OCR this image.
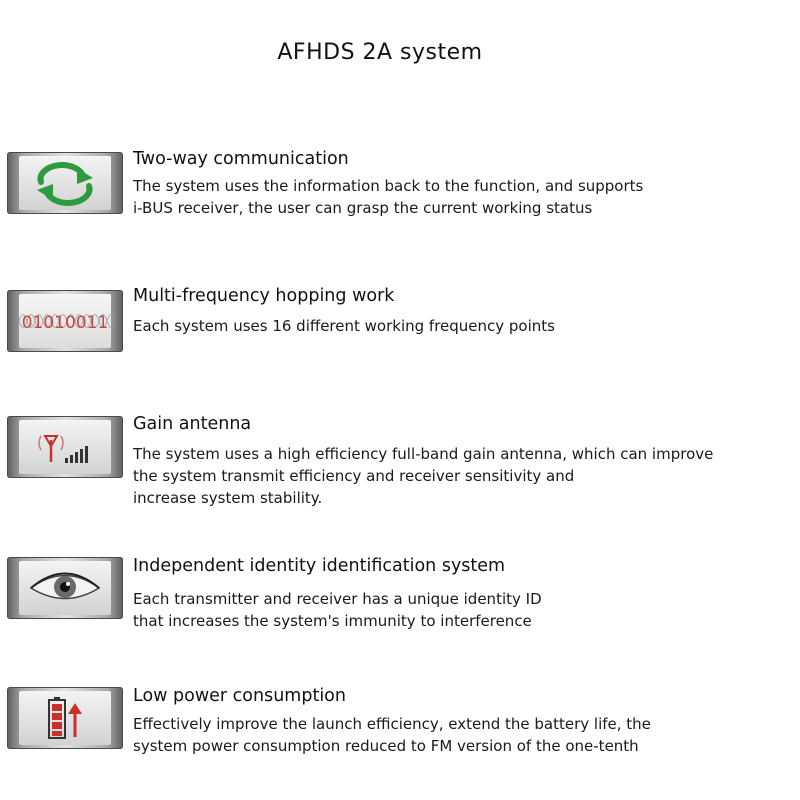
AFHDS 2A system
Two-way communication
The system uses the information back to the function, and supports
i-BUS receiver, the user can grasp the current working status
01010011
Multi-frequency hopping work
Each system uses 16 different working frequency points
Gain antenna
The system uses a high efficiency full-band gain antenna, which can improve
the system transmit efficiency and receiver sensitivity and
increase system stability.
Independent identity identification system
Each transmitter and receiver has a unique identity ID
that increases the system's immunity to interference
Low power consumption
Effectively improve the launch efficiency, extend the battery life, the
system power consumption reduced to FM version of the one-tenth
